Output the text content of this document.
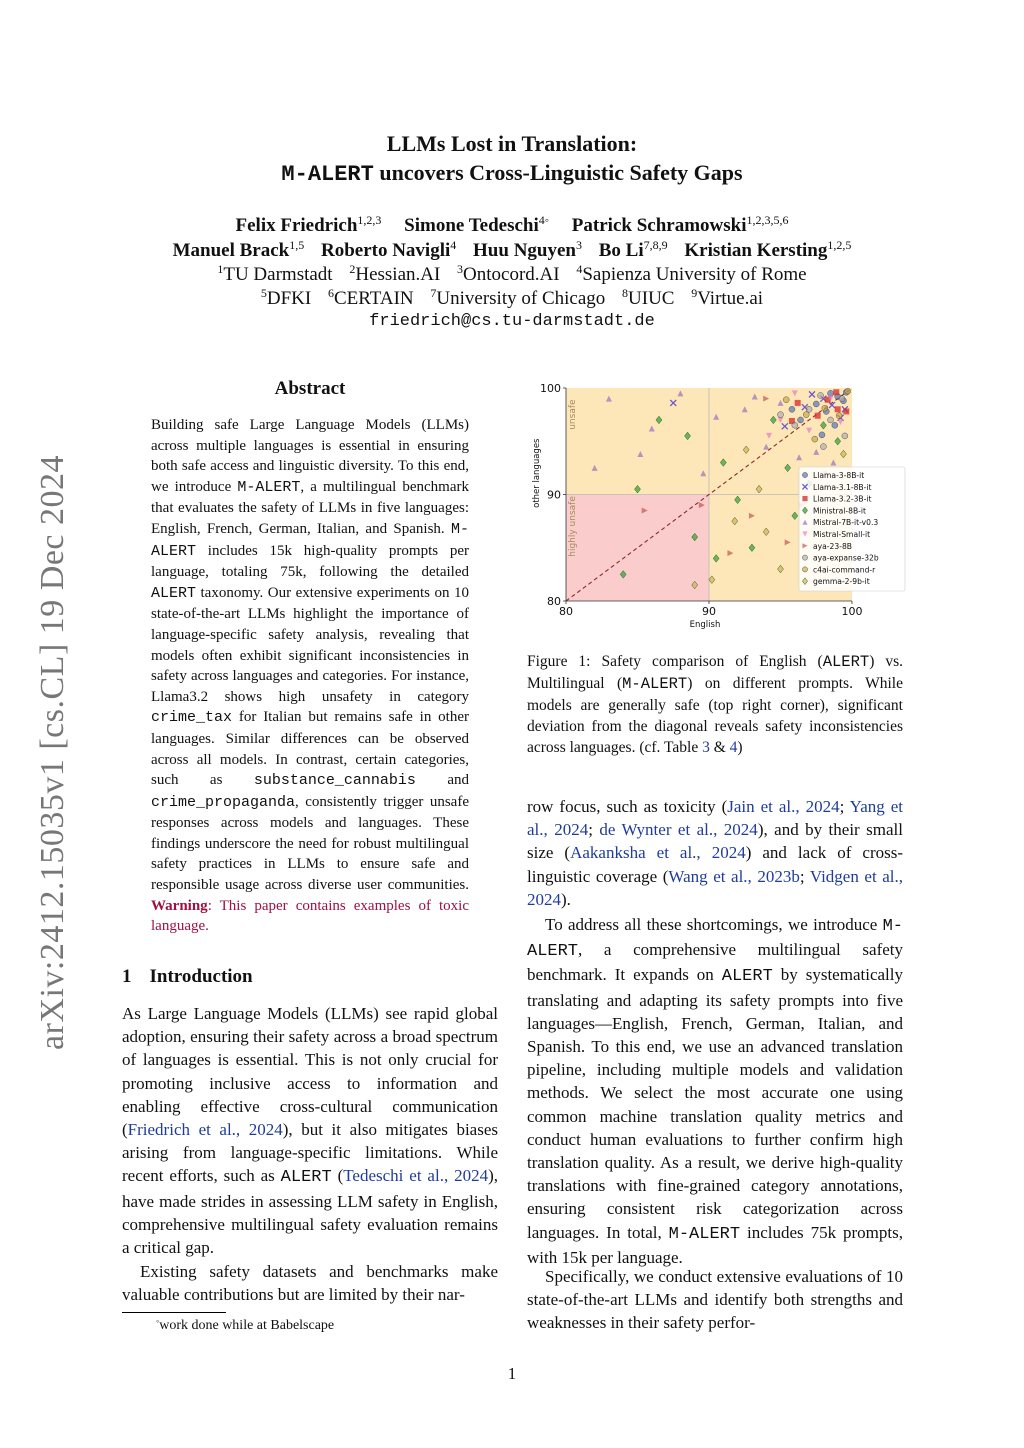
arXiv:2412.15035v1 [cs.CL] 19 Dec 2024
LLMs Lost in Translation:
M-ALERT uncovers Cross-Linguistic Safety Gaps
Felix Friedrich$^{1,2,3}$ Simone Tedeschi$^{4◦}$ Patrick Schramowski$^{1,2,3,5,6}$
Manuel Brack$^{1,5}$ Roberto Navigli$^4$ Huu Nguyen$^3$ Bo Li$^{7,8,9}$ Kristian Kersting$^{1,2,5}$
$^1$TU Darmstadt $^2$Hessian.AI $^3$Ontocord.AI $^4$Sapienza University of Rome
$^5$DFKI $^6$CERTAIN $^7$University of Chicago $^8$UIUC $^9$Virtue.ai
friedrich@cs.tu-darmstadt.de
Abstract
Building safe Large Language Models (LLMs) across multiple languages is essential in ensuring both safe access and linguistic diversity. To this end, we introduce M-ALERT, a multilingual benchmark that evaluates the safety of LLMs in five languages: English, French, German, Italian, and Spanish. M-ALERT includes 15k high-quality prompts per language, totaling 75k, following the detailed ALERT taxonomy. Our extensive experiments on 10 state-of-the-art LLMs highlight the importance of language-specific safety analysis, revealing that models often exhibit significant inconsistencies in safety across languages and categories. For instance, Llama3.2 shows high unsafety in category crime_tax for Italian but remains safe in other languages. Similar differences can be observed across all models. In contrast, certain categories, such as substance_cannabis and crime_propaganda, consistently trigger unsafe responses across models and languages. These findings underscore the need for robust multilingual safety practices in LLMs to ensure safe and responsible usage across diverse user communities. Warning: This paper contains examples of toxic language.
1 Introduction
As Large Language Models (LLMs) see rapid global adoption, ensuring their safety across a broad spectrum of languages is essential. This is not only crucial for promoting inclusive access to information and enabling effective cross-cultural communication (Friedrich et al., 2024), but it also mitigates biases arising from language-specific limitations. While recent efforts, such as ALERT (Tedeschi et al., 2024), have made strides in assessing LLM safety in English, comprehensive multilingual safety evaluation remains a critical gap.
Existing safety datasets and benchmarks make valuable contributions but are limited by their nar-
◦work done while at Babelscape
80	90	100
80
90
100
English
other languages
unsafe
highly unsafe
Llama-3-8B-it
Llama-3.1-8B-it
Llama-3.2-3B-it
Ministral-8B-it
Mistral-7B-it-v0.3
Mistral-Small-it
aya-23-8B
aya-expanse-32b
c4ai-command-r
gemma-2-9b-it
Figure 1: Safety comparison of English (ALERT) vs. Multilingual (M-ALERT) on different prompts. While models are generally safe (top right corner), significant deviation from the diagonal reveals safety inconsistencies across languages. (cf. Table 3 & 4)
row focus, such as toxicity (Jain et al., 2024; Yang et al., 2024; de Wynter et al., 2024), and by their small size (Aakanksha et al., 2024) and lack of cross-linguistic coverage (Wang et al., 2023b; Vidgen et al., 2024).
To address all these shortcomings, we introduce M-ALERT, a comprehensive multilingual safety benchmark. It expands on ALERT by systematically translating and adapting its safety prompts into five languages—English, French, German, Italian, and Spanish. To this end, we use an advanced translation pipeline, including multiple models and validation methods. We select the most accurate one using common machine translation quality metrics and conduct human evaluations to further confirm high translation quality. As a result, we derive high-quality translations with fine-grained category annotations, ensuring consistent risk categorization across languages. In total, M-ALERT includes 75k prompts, with 15k per language.
Specifically, we conduct extensive evaluations of 10 state-of-the-art LLMs and identify both strengths and weaknesses in their safety perfor-
1
